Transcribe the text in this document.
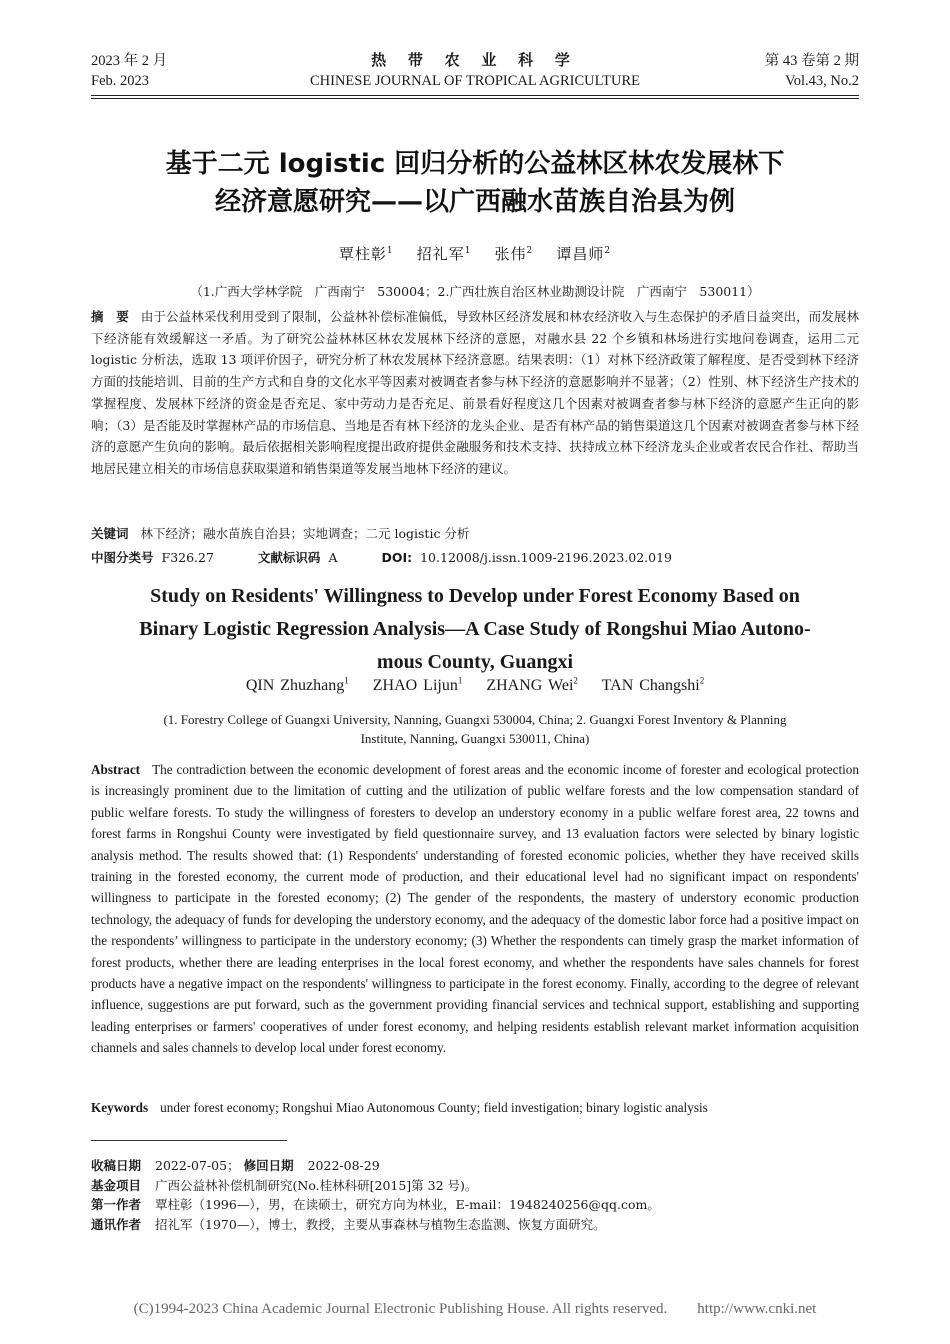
2023 年 2 月
Feb. 2023
热 带 农 业 科 学
CHINESE JOURNAL OF TROPICAL AGRICULTURE
第 43 卷第 2 期
Vol.43, No.2
基于二元 logistic 回归分析的公益林区林农发展林下
经济意愿研究——以广西融水苗族自治县为例
覃柱彰$^1$ 招礼军$^1$ 张伟$^2$ 谭昌师$^2$
（1.广西大学林学院　广西南宁　530004；2.广西壮族自治区林业勘测设计院　广西南宁　530011）
摘　要 由于公益林采伐利用受到了限制，公益林补偿标准偏低，导致林区经济发展和林农经济收入与生态保护的矛盾日益突出，而发展林下经济能有效缓解这一矛盾。为了研究公益林林区林农发展林下经济的意愿，对融水县 22 个乡镇和林场进行实地问卷调查，运用二元 logistic 分析法，选取 13 项评价因子，研究分析了林农发展林下经济意愿。结果表明：（1）对林下经济政策了解程度、是否受到林下经济方面的技能培训、目前的生产方式和自身的文化水平等因素对被调查者参与林下经济的意愿影响并不显著；（2）性别、林下经济生产技术的掌握程度、发展林下经济的资金是否充足、家中劳动力是否充足、前景看好程度这几个因素对被调查者参与林下经济的意愿产生正向的影响；（3）是否能及时掌握林产品的市场信息、当地是否有林下经济的龙头企业、是否有林产品的销售渠道这几个因素对被调查者参与林下经济的意愿产生负向的影响。最后依据相关影响程度提出政府提供金融服务和技术支持、扶持成立林下经济龙头企业或者农民合作社、帮助当地居民建立相关的市场信息获取渠道和销售渠道等发展当地林下经济的建议。
关键词 林下经济；融水苗族自治县；实地调查；二元 logistic 分析
中图分类号 F326.27	文献标识码 A	DOI: 10.12008/j.issn.1009-2196.2023.02.019
Study on Residents' Willingness to Develop under Forest Economy Based on
Binary Logistic Regression Analysis—A Case Study of Rongshui Miao Autono-
mous County, Guangxi
QIN Zhuzhang$^1$ ZHAO Lijun$^1$ ZHANG Wei$^2$ TAN Changshi$^2$
(1. Forestry College of Guangxi University, Nanning, Guangxi 530004, China; 2. Guangxi Forest Inventory & Planning
Institute, Nanning, Guangxi 530011, China)
Abstract The contradiction between the economic development of forest areas and the economic income of forester and ecological protection is increasingly prominent due to the limitation of cutting and the utilization of public welfare forests and the low compensation standard of public welfare forests. To study the willingness of foresters to develop an understory economy in a public welfare forest area, 22 towns and forest farms in Rongshui County were investigated by field questionnaire survey, and 13 evaluation factors were selected by binary logistic analysis method. The results showed that: (1) Respondents' understanding of forested economic policies, whether they have received skills training in the forested economy, the current mode of production, and their educational level had no significant impact on respondents' willingness to participate in the forested economy; (2) The gender of the respondents, the mastery of understory economic production technology, the adequacy of funds for developing the understory economy, and the adequacy of the domestic labor force had a positive impact on the respondents’ willingness to participate in the understory economy; (3) Whether the respondents can timely grasp the market information of forest products, whether there are leading enterprises in the local forest economy, and whether the respondents have sales channels for forest products have a negative impact on the respondents' willingness to participate in the forest economy. Finally, according to the degree of relevant influence, suggestions are put forward, such as the government providing financial services and technical support, establishing and supporting leading enterprises or farmers' cooperatives of under forest economy, and helping residents establish relevant market information acquisition channels and sales channels to develop local under forest economy.
Keywords under forest economy; Rongshui Miao Autonomous County; field investigation; binary logistic analysis
收稿日期 2022-07-05； 修回日期 2022-08-29
基金项目 广西公益林补偿机制研究(No.桂林科研[2015]第 32 号)。
第一作者 覃柱彰（1996—），男，在读硕士，研究方向为林业，E-mail：1948240256@qq.com。
通讯作者 招礼军（1970—），博士，教授，主要从事森林与植物生态监测、恢复方面研究。
(C)1994-2023 China Academic Journal Electronic Publishing House. All rights reserved.　　http://www.cnki.net
